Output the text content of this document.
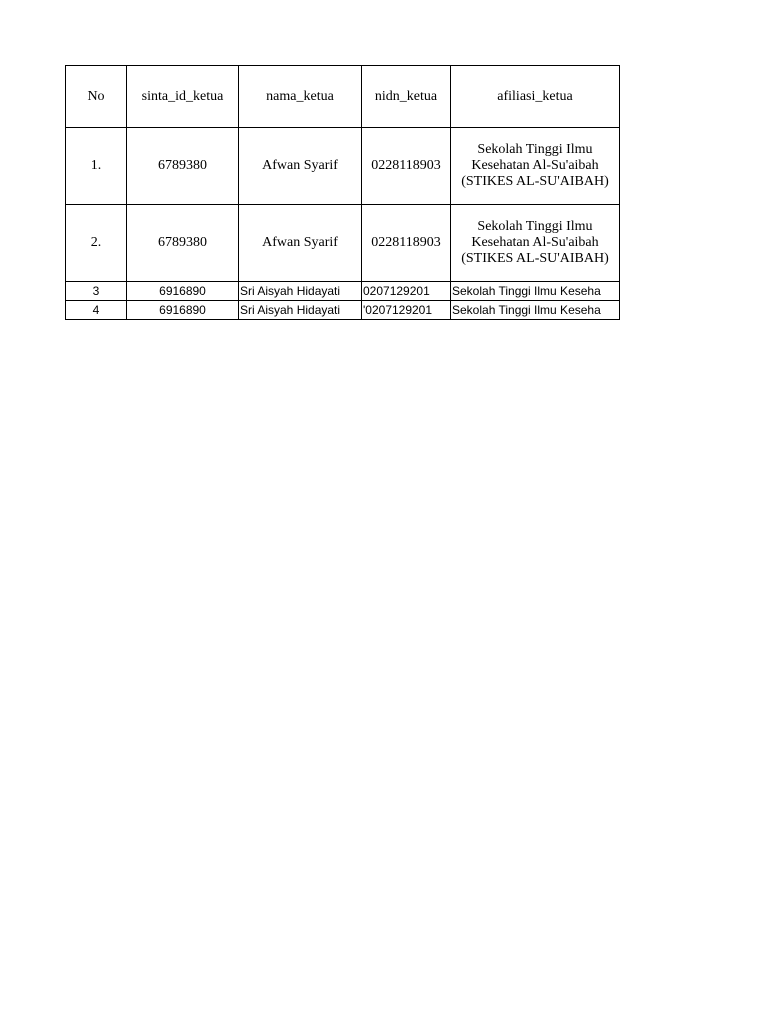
No	sinta_id_ketua	nama_ketua	nidn_ketua	afiliasi_ketua
1.	6789380	Afwan Syarif	0228118903	Sekolah Tinggi Ilmu Kesehatan Al-Su'aibah (STIKES AL-SU'AIBAH)

2.	6789380	Afwan Syarif	0228118903	Sekolah Tinggi Ilmu Kesehatan Al-Su'aibah (STIKES AL-SU'AIBAH)

3	6916890	Sri Aisyah Hidayati	0207129201	Sekolah Tinggi Ilmu Keseha
4	6916890	Sri Aisyah Hidayati	'0207129201	Sekolah Tinggi Ilmu Keseha
